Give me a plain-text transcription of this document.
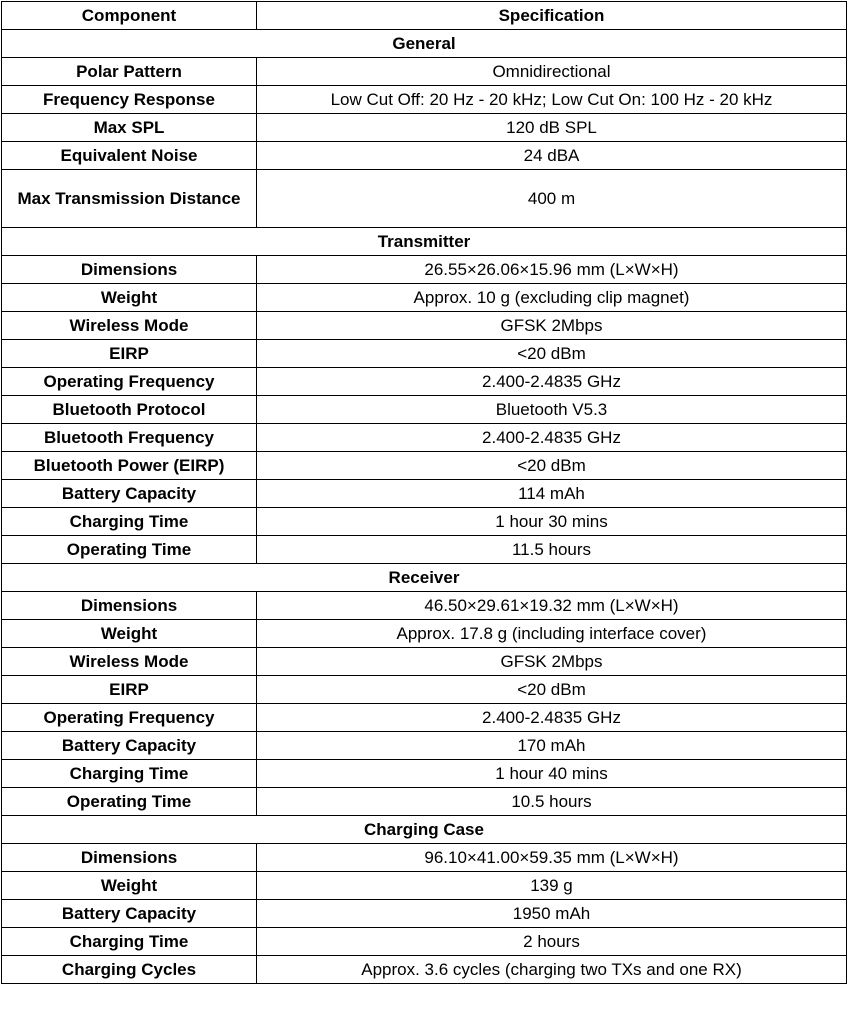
Component	Specification
General	
Polar Pattern	Omnidirectional
Frequency Response	Low Cut Off: 20 Hz - 20 kHz; Low Cut On: 100 Hz - 20 kHz
Max SPL	120 dB SPL
Equivalent Noise	24 dBA
Max Transmission Distance	400 m
Transmitter	
Dimensions	26.55×26.06×15.96 mm (L×W×H)
Weight	Approx. 10 g (excluding clip magnet)
Wireless Mode	GFSK 2Mbps
EIRP	<20 dBm
Operating Frequency	2.400-2.4835 GHz
Bluetooth Protocol	Bluetooth V5.3
Bluetooth Frequency	2.400-2.4835 GHz
Bluetooth Power (EIRP)	<20 dBm
Battery Capacity	114 mAh
Charging Time	1 hour 30 mins
Operating Time	11.5 hours
Receiver	
Dimensions	46.50×29.61×19.32 mm (L×W×H)
Weight	Approx. 17.8 g (including interface cover)
Wireless Mode	GFSK 2Mbps
EIRP	<20 dBm
Operating Frequency	2.400-2.4835 GHz
Battery Capacity	170 mAh
Charging Time	1 hour 40 mins
Operating Time	10.5 hours
Charging Case	
Dimensions	96.10×41.00×59.35 mm (L×W×H)
Weight	139 g
Battery Capacity	1950 mAh
Charging Time	2 hours
Charging Cycles	Approx. 3.6 cycles (charging two TXs and one RX)
